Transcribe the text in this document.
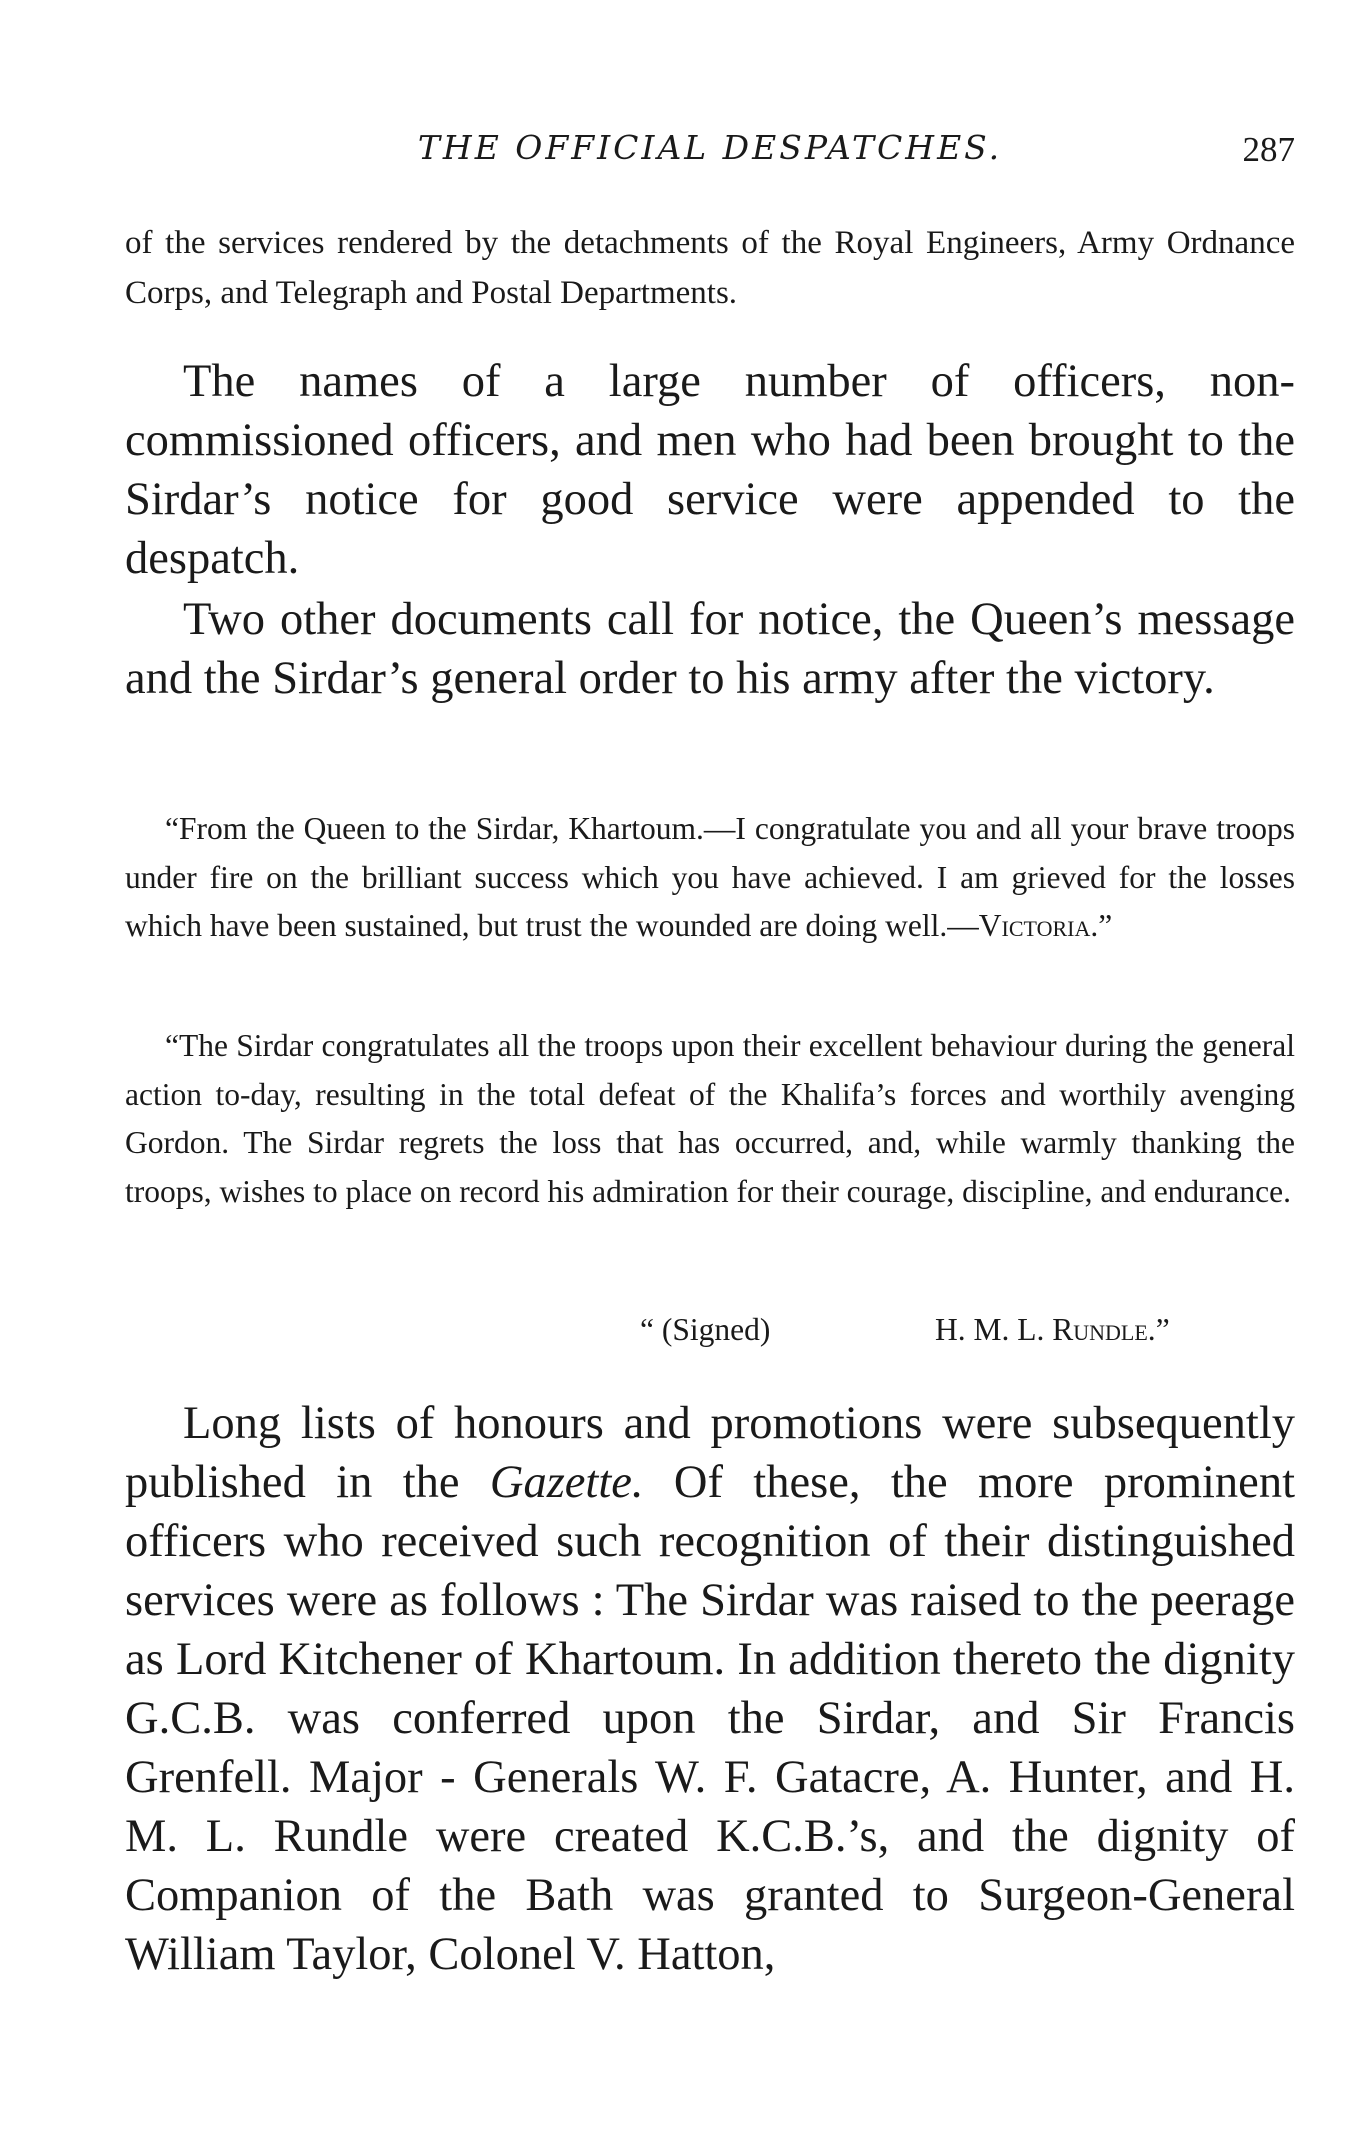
THE OFFICIAL DESPATCHES.	287

of the services rendered by the detachments of the Royal Engineers, Army Ordnance Corps, and Telegraph and Postal Departments.

The names of a large number of officers, non-commissioned officers, and men who had been brought to the Sirdar’s notice for good service were appended to the despatch.

Two other documents call for notice, the Queen’s message and the Sirdar’s general order to his army after the victory.

“From the Queen to the Sirdar, Khartoum.—I congratulate you and all your brave troops under fire on the brilliant success which you have achieved. I am grieved for the losses which have been sustained, but trust the wounded are doing well.—Victoria.”

“The Sirdar congratulates all the troops upon their excellent behaviour during the general action to-day, resulting in the total defeat of the Khalifa’s forces and worthily avenging Gordon. The Sirdar regrets the loss that has occurred, and, while warmly thanking the troops, wishes to place on record his admiration for their courage, discipline, and endurance.

“ (Signed)	H. M. L. Rundle.”

Long lists of honours and promotions were subsequently published in the Gazette. Of these, the more prominent officers who received such recognition of their distinguished services were as follows : The Sirdar was raised to the peerage as Lord Kitchener of Khartoum. In addition thereto the dignity G.C.B. was conferred upon the Sirdar, and Sir Francis Grenfell. Major - Generals W. F. Gatacre, A. Hunter, and H. M. L. Rundle were created K.C.B.’s, and the dignity of Companion of the Bath was granted to Surgeon-General William Taylor, Colonel V. Hatton,
